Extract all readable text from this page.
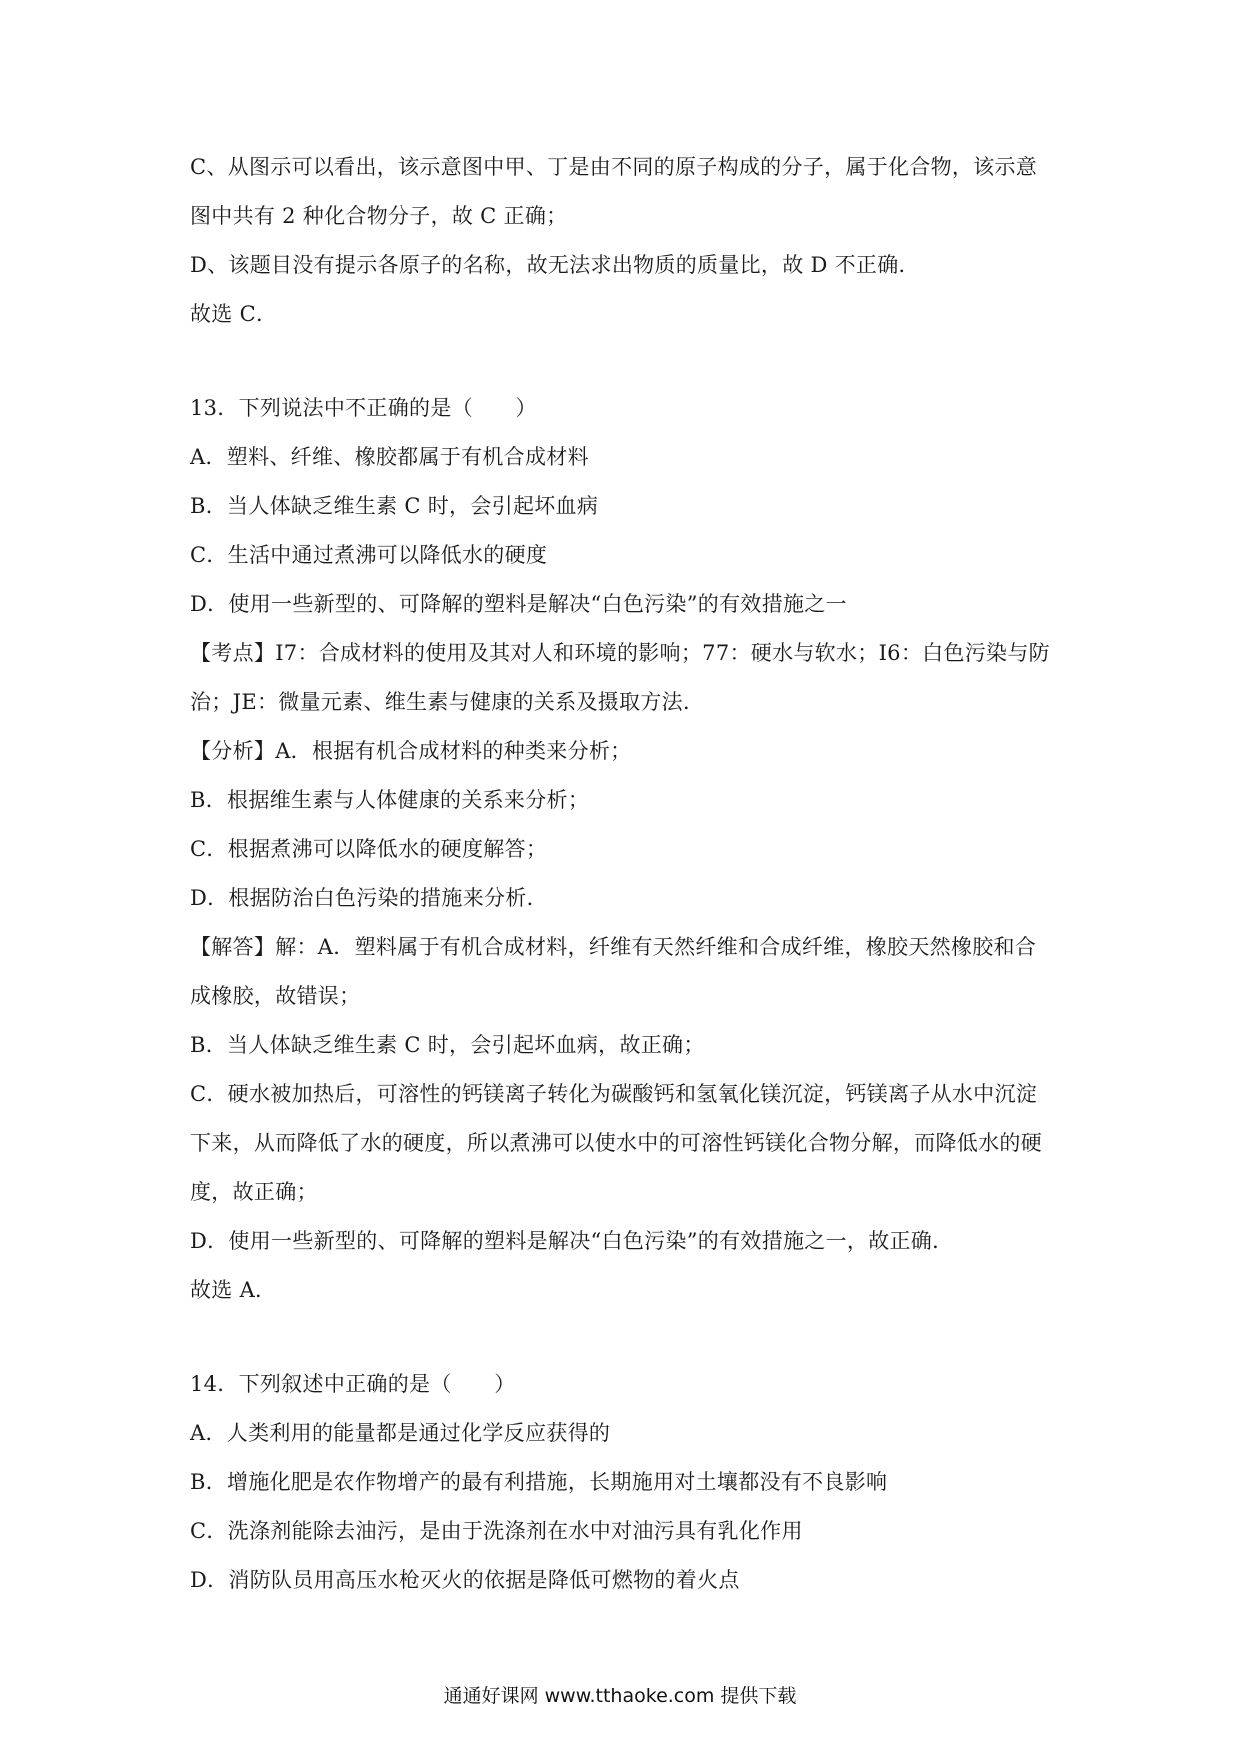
C、从图示可以看出，该示意图中甲、丁是由不同的原子构成的分子，属于化合物，该示意
图中共有 2 种化合物分子，故 C 正确；
D、该题目没有提示各原子的名称，故无法求出物质的质量比，故 D 不正确．
故选 C．
13．下列说法中不正确的是（　　）
A．塑料、纤维、橡胶都属于有机合成材料
B．当人体缺乏维生素 C 时，会引起坏血病
C．生活中通过煮沸可以降低水的硬度
D．使用一些新型的、可降解的塑料是解决“白色污染”的有效措施之一
【考点】I7：合成材料的使用及其对人和环境的影响；77：硬水与软水；I6：白色污染与防
治；JE：微量元素、维生素与健康的关系及摄取方法．
【分析】A．根据有机合成材料的种类来分析；
B．根据维生素与人体健康的关系来分析；
C．根据煮沸可以降低水的硬度解答；
D．根据防治白色污染的措施来分析．
【解答】解：A．塑料属于有机合成材料，纤维有天然纤维和合成纤维，橡胶天然橡胶和合
成橡胶，故错误；
B．当人体缺乏维生素 C 时，会引起坏血病，故正确；
C．硬水被加热后，可溶性的钙镁离子转化为碳酸钙和氢氧化镁沉淀，钙镁离子从水中沉淀
下来，从而降低了水的硬度，所以煮沸可以使水中的可溶性钙镁化合物分解，而降低水的硬
度，故正确；
D．使用一些新型的、可降解的塑料是解决“白色污染”的有效措施之一，故正确．
故选 A．
14．下列叙述中正确的是（　　）
A．人类利用的能量都是通过化学反应获得的
B．增施化肥是农作物增产的最有利措施，长期施用对土壤都没有不良影响
C．洗涤剂能除去油污，是由于洗涤剂在水中对油污具有乳化作用
D．消防队员用高压水枪灭火的依据是降低可燃物的着火点
通通好课网 www.tthaoke.com 提供下载
